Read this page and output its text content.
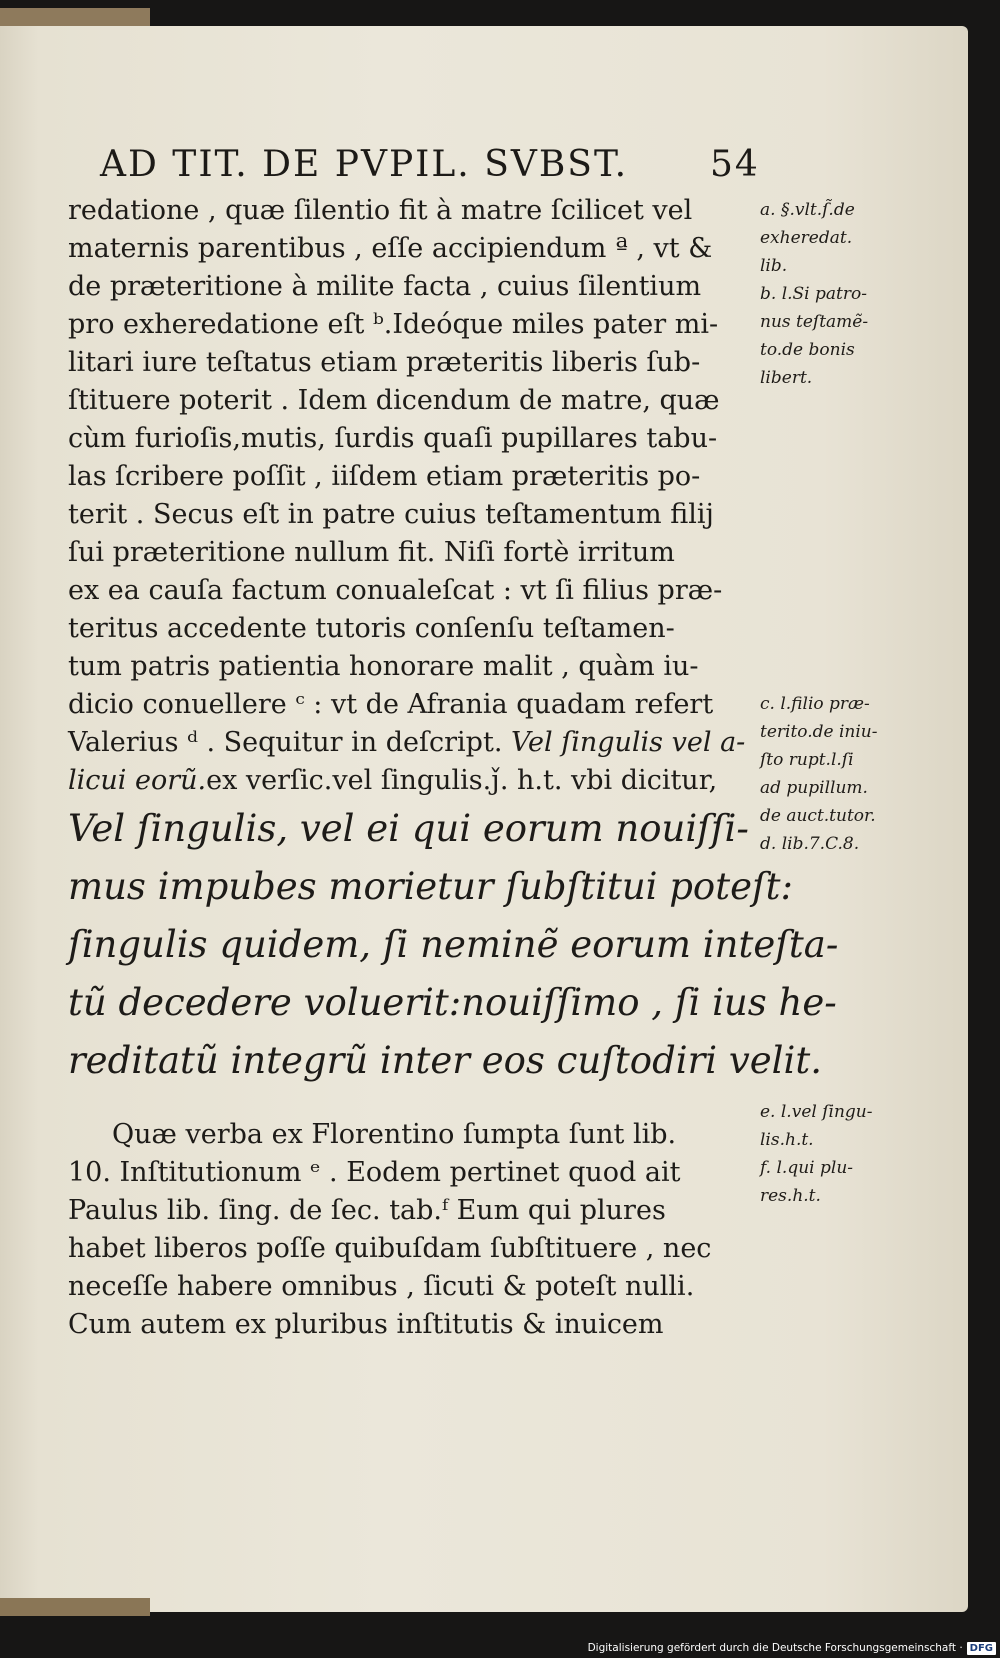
AD TIT. DE PVPIL. SVBST. 54
redatione , quæ ſilentio fit à matre ſcilicet vel
maternis parentibus , eſſe accipiendum ª , vt &
de præteritione à milite facta , cuius ſilentium
pro exheredatione eſt ᵇ.Ideóque miles pater mi-
litari iure teſtatus etiam præteritis liberis ſub-
ſtituere poterit . Idem dicendum de matre, quæ
cùm furioſis,mutis, ſurdis quaſi pupillares tabu-
las ſcribere poſſit , iiſdem etiam præteritis po-
terit . Secus eſt in patre cuius teſtamentum filij
ſui præteritione nullum fit. Niſi fortè irritum
ex ea cauſa factum conualeſcat : vt ſi filius præ-
teritus accedente tutoris conſenſu teſtamen-
tum patris patientia honorare malit , quàm iu-
dicio conuellere ᶜ : vt de Afrania quadam refert
Valerius ᵈ . Sequitur in deſcript. Vel ſingulis vel a-
licui eorũ.ex verſic.vel ſingulis.ǰ. h.t. vbi dicitur,
Vel ſingulis, vel ei qui eorum nouiſſi-
mus impubes morietur ſubſtitui poteſt:
ſingulis quidem, ſi neminẽ eorum inteſta-
tũ decedere voluerit:nouiſſimo , ſi ius he-
reditatũ integrũ inter eos cuſtodiri velit.
Quæ verba ex Florentino ſumpta ſunt lib.
10. Inſtitutionum ᵉ . Eodem pertinet quod ait
Paulus lib. ſing. de ſec. tab.ᶠ Eum qui plures
habet liberos poſſe quibuſdam ſubſtituere , nec
neceſſe habere omnibus , ſicuti & poteſt nulli.
Cum autem ex pluribus inſtitutis & inuicem
a. §.vlt.ſ̃.de
exheredat.
lib.
b. l.Si patro-
nus teſtamẽ-
to.de bonis
libert.
c. l.filio præ-
terito.de iniu-
ſto rupt.l.ſi
ad pupillum.
de auct.tutor.
d. lib.7.C.8.
e. l.vel ſingu-
lis.h.t.
f. l.qui plu-
res.h.t.
Digitalisierung gefördert durch die Deutsche Forschungsgemeinschaft · DFG
